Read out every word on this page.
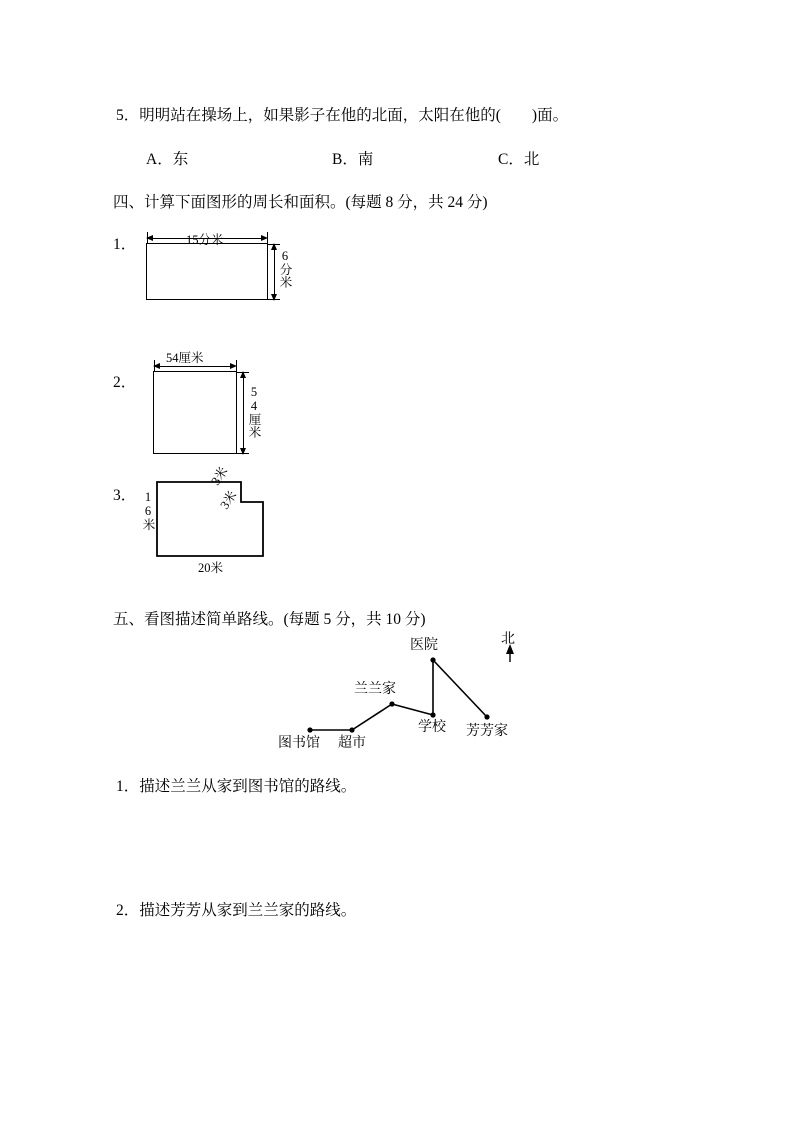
5．明明站在操场上，如果影子在他的北面，太阳在他的(        )面。
A．东	B．南	C．北
四、计算下面图形的周长和面积。(每题 8 分，共 24 分)
1．	15分米
6分米
2．
54厘米
54厘米
3． 16米
3米
3米
20米
五、看图描述简单路线。(每题 5 分，共 10 分)
图书馆 超市
兰兰家
学校
医院
芳芳家
北
1．描述兰兰从家到图书馆的路线。
2．描述芳芳从家到兰兰家的路线。
